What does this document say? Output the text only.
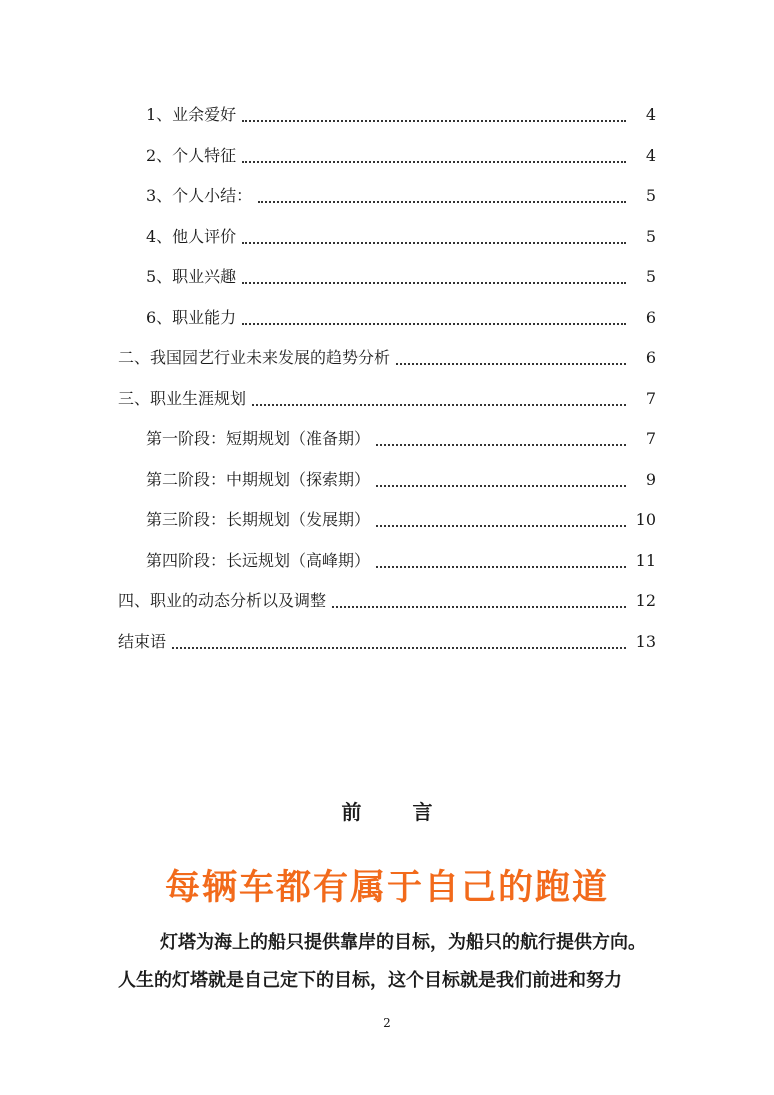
1、业余爱好	4
2、个人特征	4
3、个人小结：	5
4、他人评价	5
5、职业兴趣	5
6、职业能力	6
二、我国园艺行业未来发展的趋势分析	6
三、职业生涯规划	7
第一阶段：短期规划（准备期）	7
第二阶段：中期规划（探索期）	9
第三阶段：长期规划（发展期）	10
第四阶段：长远规划（高峰期）	11
四、职业的动态分析以及调整	12
结束语	13
前 言
每辆车都有属于自己的跑道
灯塔为海上的船只提供靠岸的目标，为船只的航行提供方向。
人生的灯塔就是自己定下的目标，这个目标就是我们前进和努力
2
